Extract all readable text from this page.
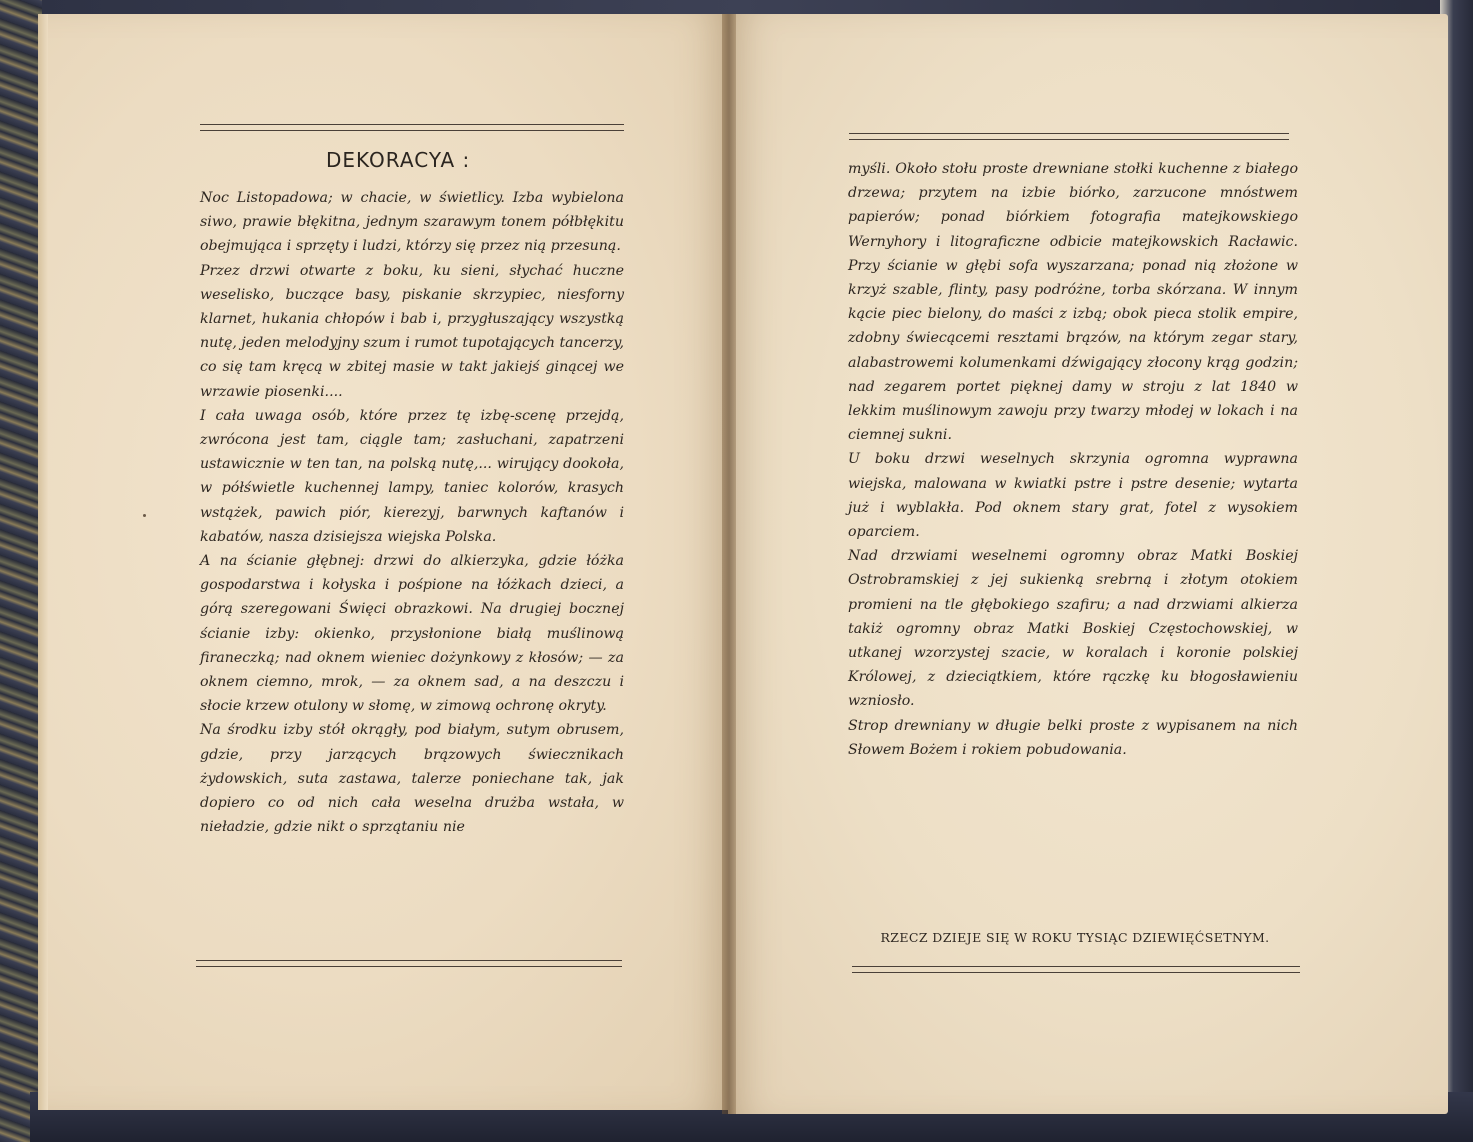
DEKORACYA :

Noc Listopadowa; w chacie, w świetlicy. Izba wybielona siwo, prawie błękitna, jednym szarawym tonem półbłękitu obejmująca i sprzęty i ludzi, którzy się przez nią przesuną.

Przez drzwi otwarte z boku, ku sieni, słychać huczne weselisko, buczące basy, piskanie skrzypiec, niesforny klarnet, hukania chłopów i bab i, przygłuszający wszystką nutę, jeden melodyjny szum i rumot tupotających tancerzy, co się tam kręcą w zbitej masie w takt jakiejś ginącej we wrzawie piosenki....

I cała uwaga osób, które przez tę izbę-scenę przejdą, zwrócona jest tam, ciągle tam; zasłuchani, zapatrzeni ustawicznie w ten tan, na polską nutę,... wirujący dookoła, w półświetle kuchennej lampy, taniec kolorów, krasych wstążek, pawich piór, kierezyj, barwnych kaftanów i kabatów, nasza dzisiejsza wiejska Polska.

A na ścianie głębnej: drzwi do alkierzyka, gdzie łóżka gospodarstwa i kołyska i pośpione na łóżkach dzieci, a górą szeregowani Święci obrazkowi. Na drugiej bocznej ścianie izby: okienko, przysłonione białą muślinową firaneczką; nad oknem wieniec dożynkowy z kłosów; — za oknem ciemno, mrok, — za oknem sad, a na deszczu i słocie krzew otulony w słomę, w zimową ochronę okryty.

Na środku izby stół okrągły, pod białym, sutym obrusem, gdzie, przy jarzących brązowych świecznikach żydowskich, suta zastawa, talerze poniechane tak, jak dopiero co od nich cała weselna drużba wstała, w nieładzie, gdzie nikt o sprzątaniu nie

myśli. Około stołu proste drewniane stołki kuchenne z białego drzewa; przytem na izbie biórko, zarzucone mnóstwem papierów; ponad biórkiem fotografia matejkowskiego Wernyhory i litograficzne odbicie matejkowskich Racławic. Przy ścianie w głębi sofa wyszarzana; ponad nią złożone w krzyż szable, flinty, pasy podróżne, torba skórzana. W innym kącie piec bielony, do maści z izbą; obok pieca stolik empire, zdobny świecącemi resztami brązów, na którym zegar stary, alabastrowemi kolumenkami dźwigający złocony krąg godzin; nad zegarem portet pięknej damy w stroju z lat 1840 w lekkim muślinowym zawoju przy twarzy młodej w lokach i na ciemnej sukni.

U boku drzwi weselnych skrzynia ogromna wyprawna wiejska, malowana w kwiatki pstre i pstre desenie; wytarta już i wyblakła. Pod oknem stary grat, fotel z wysokiem oparciem.

Nad drzwiami weselnemi ogromny obraz Matki Boskiej Ostrobramskiej z jej sukienką srebrną i złotym otokiem promieni na tle głębokiego szafiru; a nad drzwiami alkierza takiż ogromny obraz Matki Boskiej Częstochowskiej, w utkanej wzorzystej szacie, w koralach i koronie polskiej Królowej, z dzieciątkiem, które rączkę ku błogosławieniu wzniosło.

Strop drewniany w długie belki proste z wypisanem na nich Słowem Bożem i rokiem pobudowania.

RZECZ DZIEJE SIĘ W ROKU TYSIĄC DZIEWIĘĆSETNYM.
